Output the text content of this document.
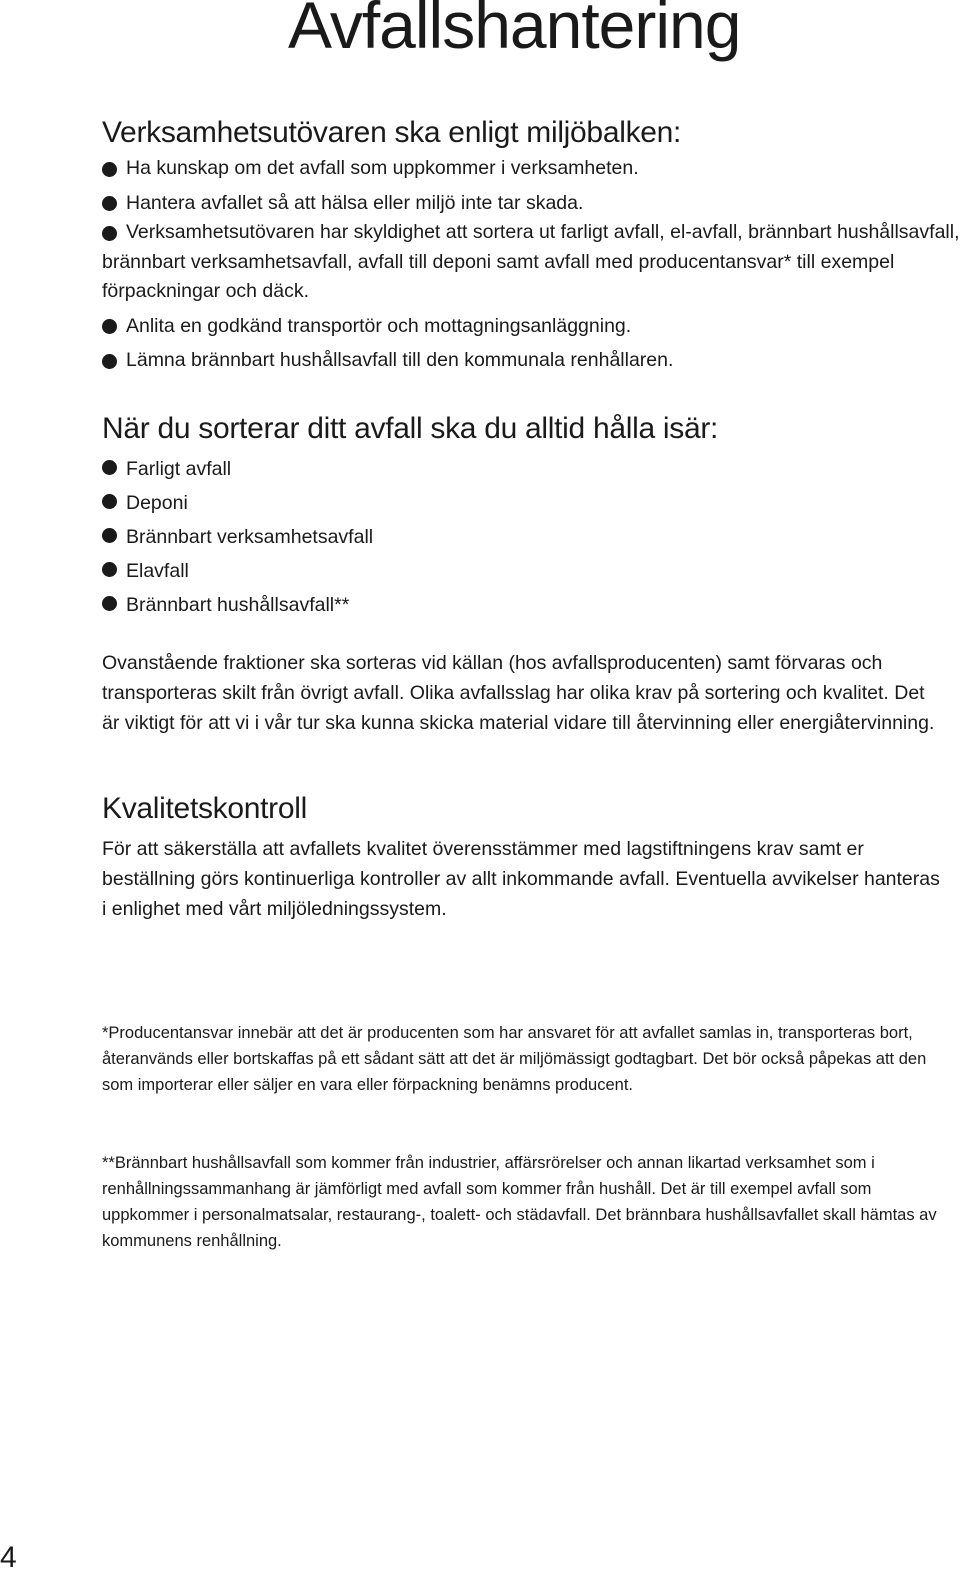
Avfallshantering
Verksamhetsutövaren ska enligt miljöbalken:
Ha kunskap om det avfall som uppkommer i verksamheten.
Hantera avfallet så att hälsa eller miljö inte tar skada.
Verksamhetsutövaren har skyldighet att sortera ut farligt avfall, el-avfall, brännbart hushållsavfall, brännbart verksamhetsavfall, avfall till deponi samt avfall med producentansvar* till exempel förpackningar och däck.
Anlita en godkänd transportör och mottagningsanläggning.
Lämna brännbart hushållsavfall till den kommunala renhållaren.
När du sorterar ditt avfall ska du alltid hålla isär:
Farligt avfall
Deponi
Brännbart verksamhetsavfall
Elavfall
Brännbart hushållsavfall**

Ovanstående fraktioner ska sorteras vid källan (hos avfallsproducenten) samt förvaras och transporteras skilt från övrigt avfall. Olika avfallsslag har olika krav på sortering och kvalitet. Det är viktigt för att vi i vår tur ska kunna skicka material vidare till återvinning eller energiåtervinning.

Kvalitetskontroll

För att säkerställa att avfallets kvalitet överensstämmer med lagstiftningens krav samt er beställning görs kontinuerliga kontroller av allt inkommande avfall. Eventuella avvikelser hanteras i enlighet med vårt miljöledningssystem.

*Producentansvar innebär att det är producenten som har ansvaret för att avfallet samlas in, transporteras bort, återanvänds eller bortskaffas på ett sådant sätt att det är miljömässigt godtagbart. Det bör också påpekas att den som importerar eller säljer en vara eller förpackning benämns producent.

**Brännbart hushållsavfall som kommer från industrier, affärsrörelser och annan likartad verksamhet som i renhållningssammanhang är jämförligt med avfall som kommer från hushåll. Det är till exempel avfall som uppkommer i personalmatsalar, restaurang-, toalett- och städavfall. Det brännbara hushållsavfallet skall hämtas av kommunens renhållning.

4
